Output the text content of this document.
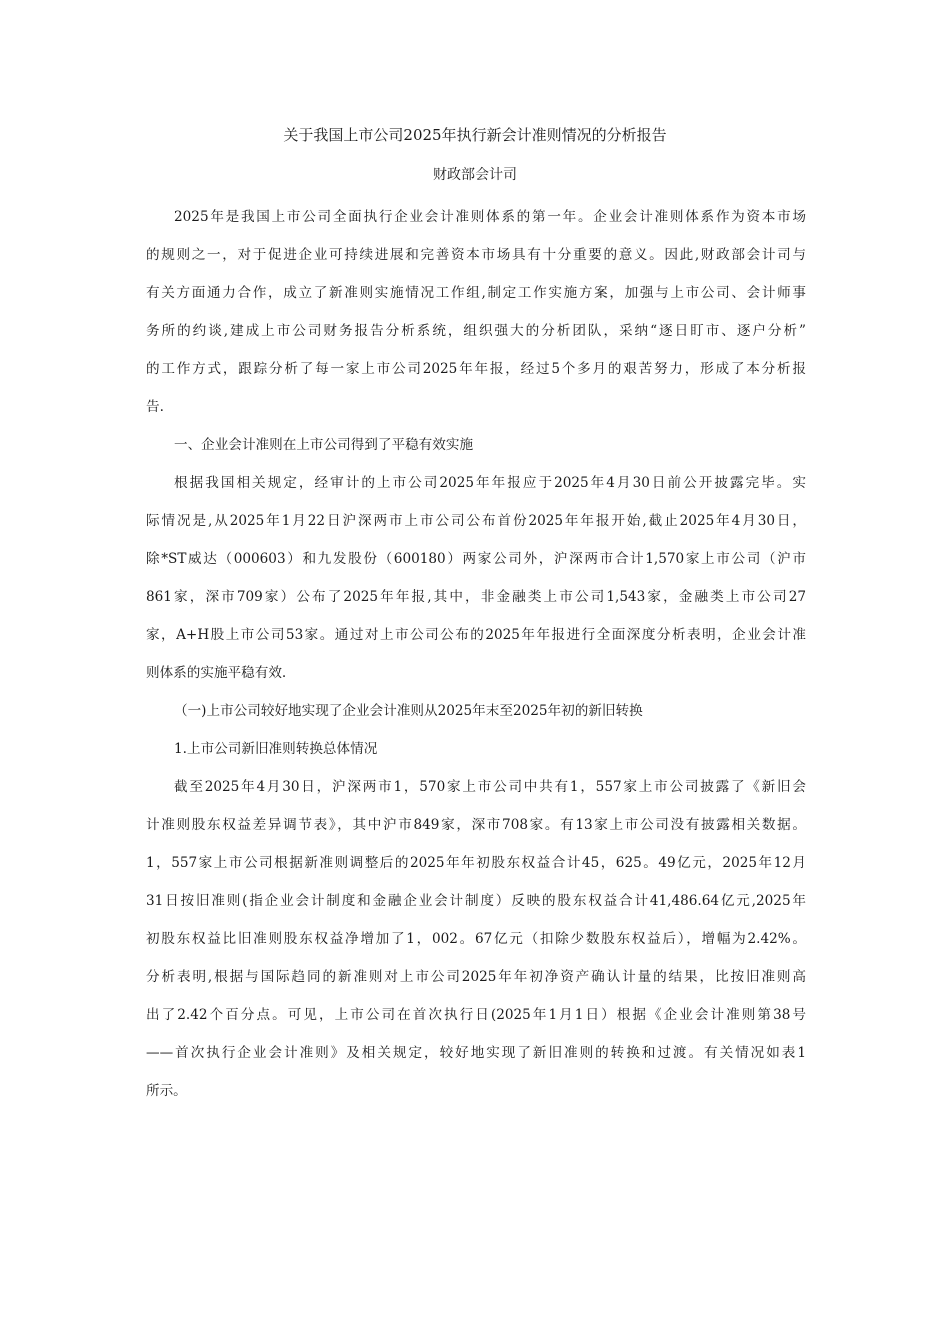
关于我国上市公司2025年执行新会计准则情况的分析报告
财政部会计司
2025年是我国上市公司全面执行企业会计准则体系的第一年。企业会计准则体系作为资本市场
的规则之一，对于促进企业可持续进展和完善资本市场具有十分重要的意义。因此,财政部会计司与
有关方面通力合作，成立了新准则实施情况工作组,制定工作实施方案，加强与上市公司、会计师事
务所的约谈,建成上市公司财务报告分析系统，组织强大的分析团队，采纳“逐日盯市、逐户分析”
的工作方式，跟踪分析了每一家上市公司2025年年报，经过5个多月的艰苦努力，形成了本分析报
告.
一、企业会计准则在上市公司得到了平稳有效实施
根据我国相关规定，经审计的上市公司2025年年报应于2025年4月30日前公开披露完毕。实
际情况是,从2025年1月22日沪深两市上市公司公布首份2025年年报开始,截止2025年4月30日，
除*ST威达（000603）和九发股份（600180）两家公司外，沪深两市合计1,570家上市公司（沪市
861家，深市709家）公布了2025年年报,其中，非金融类上市公司1,543家，金融类上市公司27
家，A+H股上市公司53家。通过对上市公司公布的2025年年报进行全面深度分析表明，企业会计准
则体系的实施平稳有效.
（一)上市公司较好地实现了企业会计准则从2025年末至2025年初的新旧转换
1.上市公司新旧准则转换总体情况
截至2025年4月30日，沪深两市1，570家上市公司中共有1，557家上市公司披露了《新旧会
计准则股东权益差异调节表》，其中沪市849家，深市708家。有13家上市公司没有披露相关数据。
1，557家上市公司根据新准则调整后的2025年年初股东权益合计45，625。49亿元，2025年12月
31日按旧准则(指企业会计制度和金融企业会计制度）反映的股东权益合计41,486.64亿元,2025年
初股东权益比旧准则股东权益净增加了1，002。67亿元（扣除少数股东权益后），增幅为2.42%。
分析表明,根据与国际趋同的新准则对上市公司2025年年初净资产确认计量的结果，比按旧准则高
出了2.42个百分点。可见，上市公司在首次执行日(2025年1月1日）根据《企业会计准则第38号
——首次执行企业会计准则》及相关规定，较好地实现了新旧准则的转换和过渡。有关情况如表1
所示。
